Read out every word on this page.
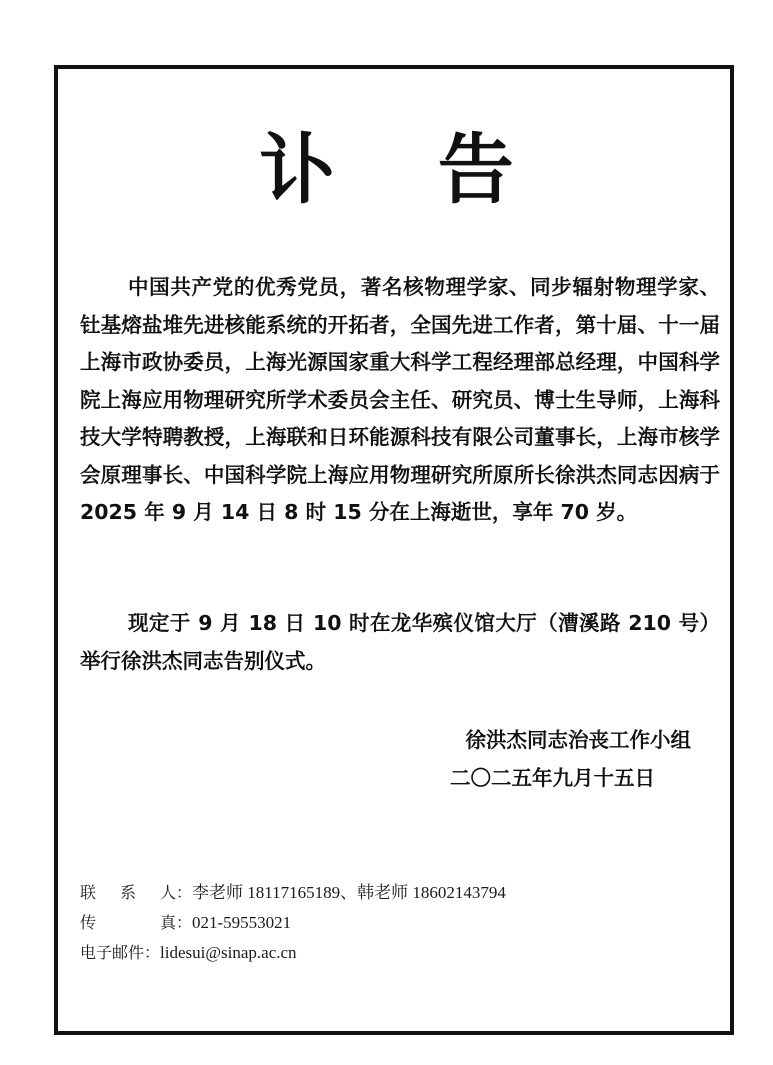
讣 告

中国共产党的优秀党员，著名核物理学家、同步辐射物理学家、钍基熔盐堆先进核能系统的开拓者，全国先进工作者，第十届、十一届上海市政协委员，上海光源国家重大科学工程经理部总经理，中国科学院上海应用物理研究所学术委员会主任、研究员、博士生导师，上海科技大学特聘教授，上海联和日环能源科技有限公司董事长，上海市核学会原理事长、中国科学院上海应用物理研究所原所长徐洪杰同志因病于2025 年 9 月 14 日 8 时 15 分在上海逝世，享年 70 岁。

现定于 9 月 18 日 10 时在龙华殡仪馆大厅（漕溪路 210 号）举行徐洪杰同志告别仪式。

徐洪杰同志治丧工作小组
二〇二五年九月十五日
联 系 人：李老师 18117165189、韩老师 18602143794
传 真：021-59553021
电子邮件：lidesui@sinap.ac.cn
